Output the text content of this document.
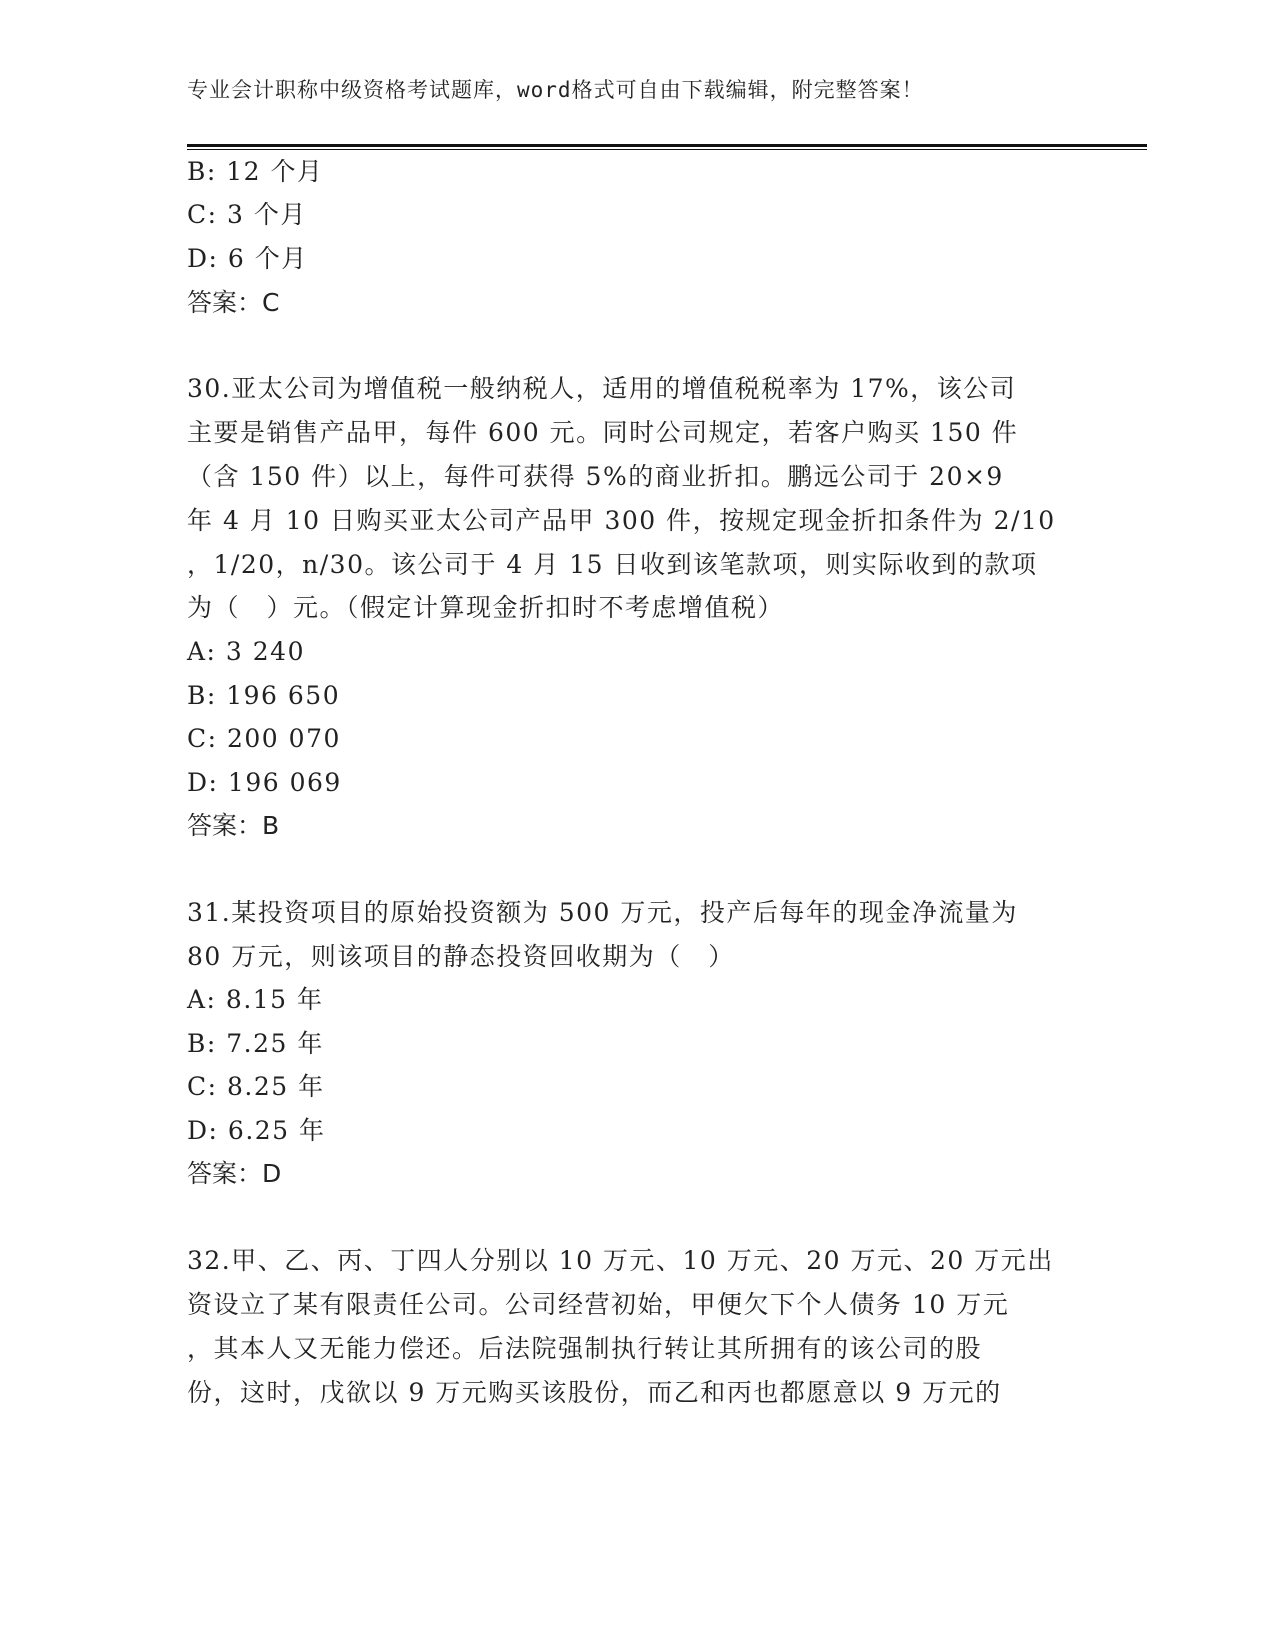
专业会计职称中级资格考试题库，word格式可自由下载编辑，附完整答案！
B: 12 个月
C: 3 个月
D: 6 个月
答案：C
30.亚太公司为增值税一般纳税人，适用的增值税税率为 17%，该公司
主要是销售产品甲，每件 600 元。同时公司规定，若客户购买 150 件
（含 150 件）以上，每件可获得 5%的商业折扣。鹏远公司于 20×9
年 4 月 10 日购买亚太公司产品甲 300 件，按规定现金折扣条件为 2/10
，1/20，n/30。该公司于 4 月 15 日收到该笔款项，则实际收到的款项
为（　）元。（假定计算现金折扣时不考虑增值税）
A: 3 240
B: 196 650
C: 200 070
D: 196 069
答案：B
31.某投资项目的原始投资额为 500 万元，投产后每年的现金净流量为
80 万元，则该项目的静态投资回收期为（　）
A: 8.15 年
B: 7.25 年
C: 8.25 年
D: 6.25 年
答案：D
32.甲、乙、丙、丁四人分别以 10 万元、10 万元、20 万元、20 万元出
资设立了某有限责任公司。公司经营初始，甲便欠下个人债务 10 万元
，其本人又无能力偿还。后法院强制执行转让其所拥有的该公司的股
份，这时，戊欲以 9 万元购买该股份，而乙和丙也都愿意以 9 万元的
